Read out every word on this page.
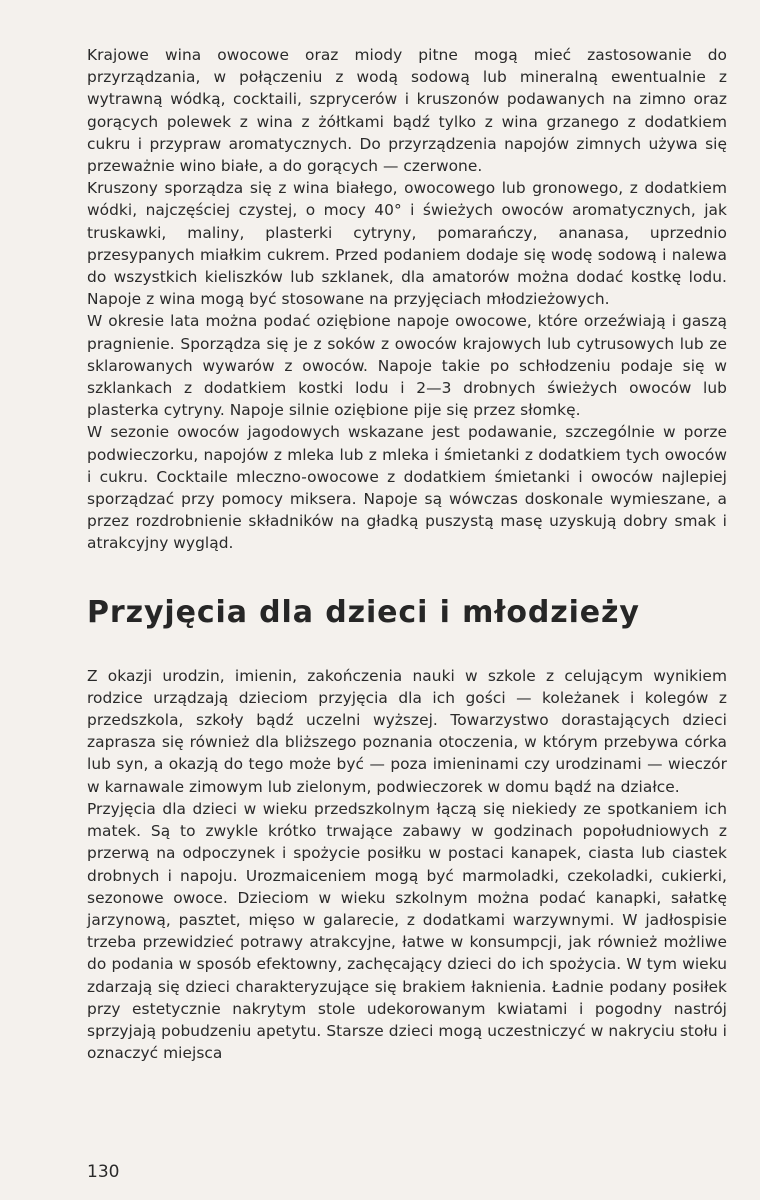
Krajowe wina owocowe oraz miody pitne mogą mieć zastosowanie do przyrządzania, w połączeniu z wodą sodową lub mineralną ewentualnie z wytrawną wódką, cocktaili, szprycerów i kruszonów podawanych na zimno oraz gorących polewek z wina z żółtkami bądź tylko z wina grzanego z dodatkiem cukru i przypraw aromatycznych. Do przyrządzenia napojów zimnych używa się przeważnie wino białe, a do gorących — czerwone.

Kruszony sporządza się z wina białego, owocowego lub gronowego, z dodatkiem wódki, najczęściej czystej, o mocy 40° i świeżych owoców aromatycznych, jak truskawki, maliny, plasterki cytryny, pomarańczy, ananasa, uprzednio przesypanych miałkim cukrem. Przed podaniem dodaje się wodę sodową i nalewa do wszystkich kieliszków lub szklanek, dla amatorów można dodać kostkę lodu. Napoje z wina mogą być stosowane na przyjęciach młodzieżowych.

W okresie lata można podać oziębione napoje owocowe, które orzeźwiają i gaszą pragnienie. Sporządza się je z soków z owoców krajowych lub cytrusowych lub ze sklarowanych wywarów z owoców. Napoje takie po schłodzeniu podaje się w szklankach z dodatkiem kostki lodu i 2—3 drobnych świeżych owoców lub plasterka cytryny. Napoje silnie oziębione pije się przez słomkę.

W sezonie owoców jagodowych wskazane jest podawanie, szczególnie w porze podwieczorku, napojów z mleka lub z mleka i śmietanki z dodatkiem tych owoców i cukru. Cocktaile mleczno-owocowe z dodatkiem śmietanki i owoców najlepiej sporządzać przy pomocy miksera. Napoje są wówczas doskonale wymieszane, a przez rozdrobnienie składników na gładką puszystą masę uzyskują dobry smak i atrakcyjny wygląd.

Przyjęcia dla dzieci i młodzieży

Z okazji urodzin, imienin, zakończenia nauki w szkole z celującym wynikiem rodzice urządzają dzieciom przyjęcia dla ich gości — koleżanek i kolegów z przedszkola, szkoły bądź uczelni wyższej. Towarzystwo dorastających dzieci zaprasza się również dla bliższego poznania otoczenia, w którym przebywa córka lub syn, a okazją do tego może być — poza imieninami czy urodzinami — wieczór w karnawale zimowym lub zielonym, podwieczorek w domu bądź na działce.

Przyjęcia dla dzieci w wieku przedszkolnym łączą się niekiedy ze spotkaniem ich matek. Są to zwykle krótko trwające zabawy w godzinach popołudniowych z przerwą na odpoczynek i spożycie posiłku w postaci kanapek, ciasta lub ciastek drobnych i napoju. Urozmaiceniem mogą być marmoladki, czekoladki, cukierki, sezonowe owoce. Dzieciom w wieku szkolnym można podać kanapki, sałatkę jarzynową, pasztet, mięso w galarecie, z dodatkami warzywnymi. W jadłospisie trzeba przewidzieć potrawy atrakcyjne, łatwe w konsumpcji, jak również możliwe do podania w sposób efektowny, zachęcający dzieci do ich spożycia. W tym wieku zdarzają się dzieci charakteryzujące się brakiem łaknienia. Ładnie podany posiłek przy estetycznie nakrytym stole udekorowanym kwiatami i pogodny nastrój sprzyjają pobudzeniu apetytu. Starsze dzieci mogą uczestniczyć w nakryciu stołu i oznaczyć miejsca

130
